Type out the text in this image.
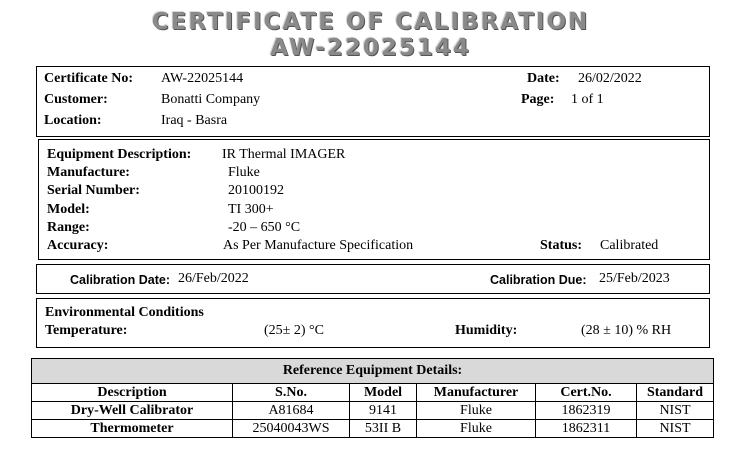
CERTIFICATE OF CALIBRATION
AW-22025144
Certificate No: AW-22025144	Date: 26/02/2022
Customer:	Bonatti Company	Page: 1 of 1
Location:	Iraq - Basra
Equipment Description: IR Thermal IMAGER
Manufacture:	Fluke
Serial Number:	20100192
Model:	TI 300+
Range:	-20 – 650 °C
Accuracy:	As Per Manufacture Specification	Status: Calibrated
Calibration Date: 26/Feb/2022	Calibration Due: 25/Feb/2023
Environmental Conditions
Temperature:	(25± 2) °C	Humidity:	(28 ± 10) % RH
Reference Equipment Details:					
Description	S.No.	Model	Manufacturer	Cert.No.	Standard
Dry-Well Calibrator	A81684	9141	Fluke	1862319	NIST
Thermometer	25040043WS	53II B	Fluke	1862311	NIST
